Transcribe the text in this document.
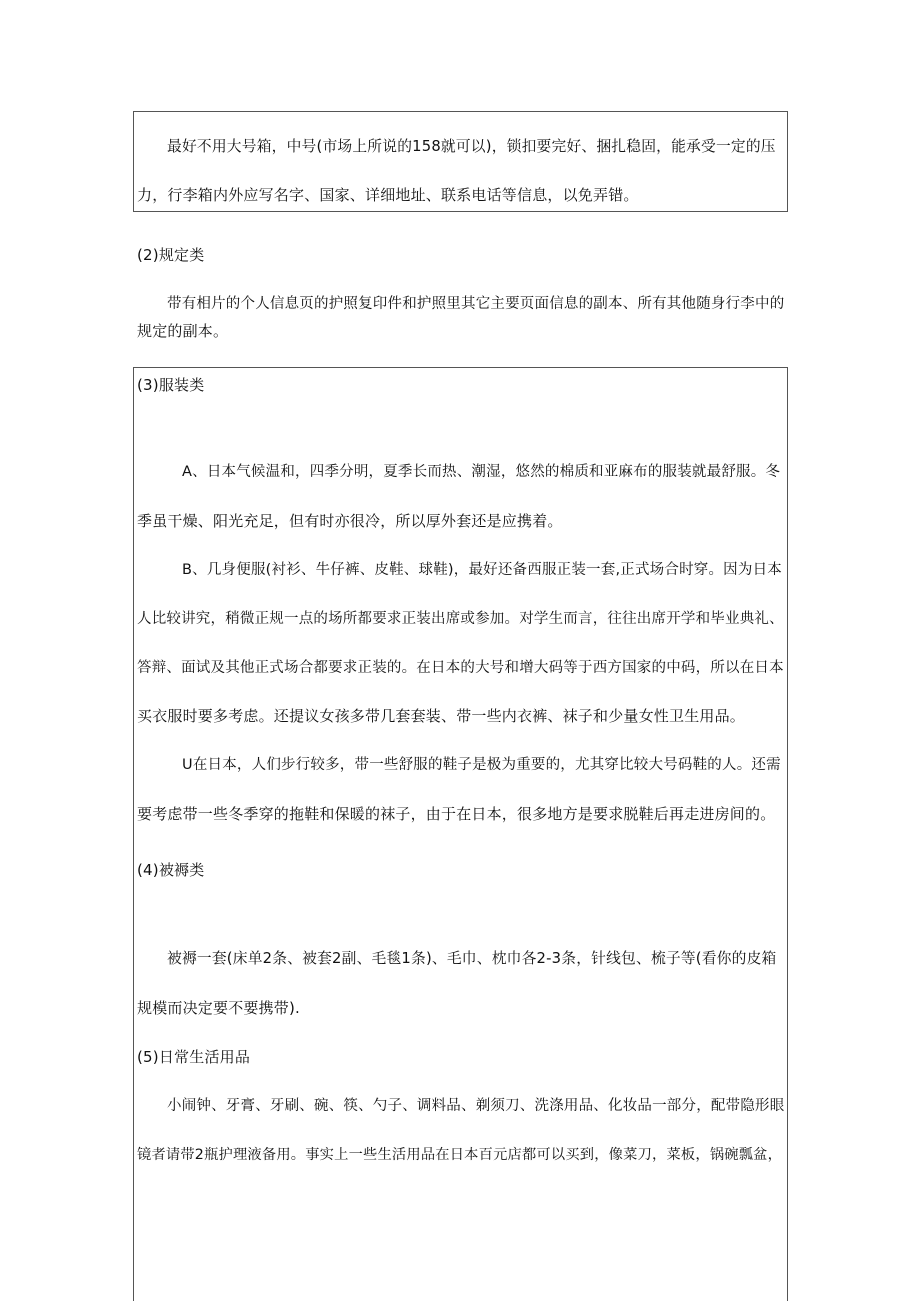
最好不用大号箱，中号(市场上所说的158就可以)，锁扣要完好、捆扎稳固，能承受一定的压
力，行李箱内外应写名字、国家、详细地址、联系电话等信息，以免弄错。
(2)规定类
带有相片的个人信息页的护照复印件和护照里其它主要页面信息的副本、所有其他随身行李中的
规定的副本。
(3)服装类
A、日本气候温和，四季分明，夏季长而热、潮湿，悠然的棉质和亚麻布的服装就最舒服。冬
季虽干燥、阳光充足，但有时亦很冷，所以厚外套还是应携着。
B、几身便服(衬衫、牛仔裤、皮鞋、球鞋)，最好还备西服正装一套,正式场合时穿。因为日本
人比较讲究，稍微正规一点的场所都要求正装出席或参加。对学生而言，往往出席开学和毕业典礼、
答辩、面试及其他正式场合都要求正装的。在日本的大号和增大码等于西方国家的中码，所以在日本
买衣服时要多考虑。还提议女孩多带几套套装、带一些内衣裤、袜子和少量女性卫生用品。
U在日本，人们步行较多，带一些舒服的鞋子是极为重要的，尤其穿比较大号码鞋的人。还需
要考虑带一些冬季穿的拖鞋和保暖的袜子，由于在日本，很多地方是要求脱鞋后再走进房间的。
(4)被褥类
被褥一套(床单2条、被套2副、毛毯1条)、毛巾、枕巾各2-3条，针线包、梳子等(看你的皮箱
规模而决定要不要携带).
(5)日常生活用品
小闹钟、牙膏、牙刷、碗、筷、勺子、调料品、剃须刀、洗涤用品、化妆品一部分，配带隐形眼
镜者请带2瓶护理液备用。事实上一些生活用品在日本百元店都可以买到，像菜刀，菜板，锅碗瓢盆，
